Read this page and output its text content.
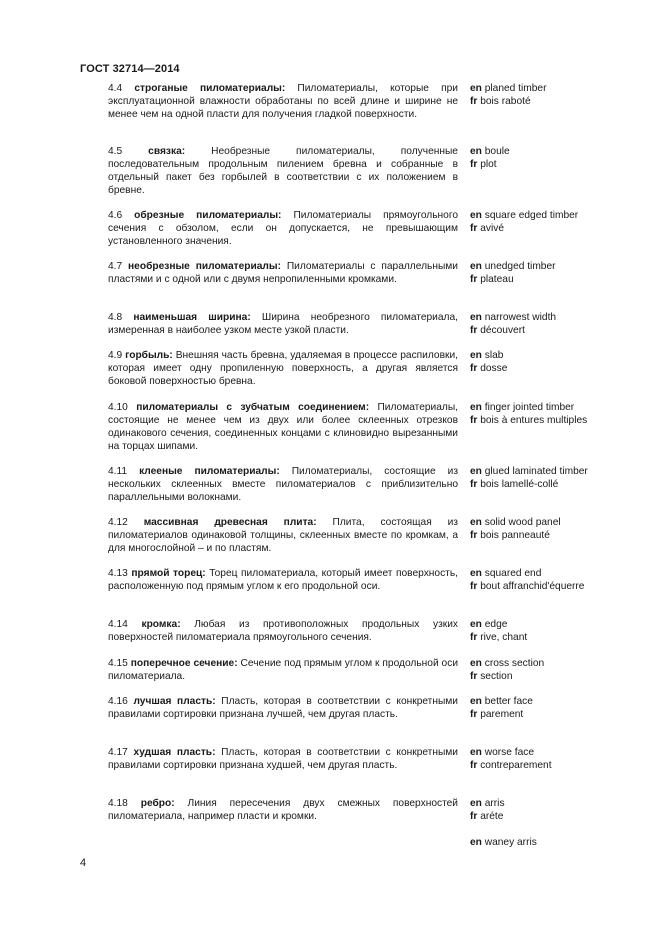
ГОСТ 32714—2014
4.4 строганые пиломатериалы: Пиломатериалы, которые при эксплуатационной влажности обработаны по всей длине и ширине не менее чем на одной пласти для получения гладкой поверхности.
en planed timber
fr bois raboté
4.5	связка:	Необрезные пиломатериалы, полученные последовательным продольным пилением бревна и собранные в отдельный пакет без горбылей в соответствии с их положением в бревне.
en boule
fr plot
4.6 обрезные пиломатериалы: Пиломатериалы прямоугольного сечения с обзолом, если он допускается, не превышающим установленного значения.
en square edged timber
fr avivé
4.7 необрезные пиломатериалы: Пиломатериалы с параллельными пластями и с одной или с двумя непропиленными кромками.
en unedged timber
fr plateau
4.8 наименьшая ширина: Ширина необрезного пиломатериала, измеренная в наиболее узком месте узкой пласти.
en narrowest width
fr découvert
4.9 горбыль: Внешняя часть бревна, удаляемая в процессе распиловки, которая имеет одну пропиленную поверхность, а другая является боковой поверхностью бревна.
en slab
fr dosse
4.10 пиломатериалы с зубчатым соединением: Пиломатериалы, состоящие не менее чем из двух или более склеенных отрезков одинакового сечения, соединенных концами с клиновидно вырезанными на торцах шипами.
en finger jointed timber
fr bois à entures multiples
4.11 клееные пиломатериалы: Пиломатериалы, состоящие из нескольких склеенных вместе пиломатериалов с приблизительно параллельными волокнами.
en glued laminated timber
fr bois lamellé-collé
4.12 массивная древесная плита: Плита, состоящая из пиломатериалов одинаковой толщины, склеенных вместе по кромкам, а для многослойной – и по пластям.
en solid wood panel
fr bois panneauté
4.13 прямой торец: Торец пиломатериала, который имеет поверхность, расположенную под прямым углом к его продольной оси.
en squared end
fr bout affranchid'équerre
4.14 кромка: Любая из противоположных продольных узких поверхностей пиломатериала прямоугольного сечения.
en edge
fr rive, chant
4.15 поперечное сечение: Сечение под прямым углом к продольной оси пиломатериала.
en cross section
fr section
4.16 лучшая пласть: Пласть, которая в соответствии с конкретными правилами сортировки признана лучшей, чем другая пласть.
en better face
fr parement
4.17 худшая пласть: Пласть, которая в соответствии с конкретными правилами сортировки признана худшей, чем другая пласть.
en worse face
fr contreparement
4.18 ребро: Линия пересечения двух смежных поверхностей пиломатериала, например пласти и кромки.
en arris
fr aréte
en waney arris
4
